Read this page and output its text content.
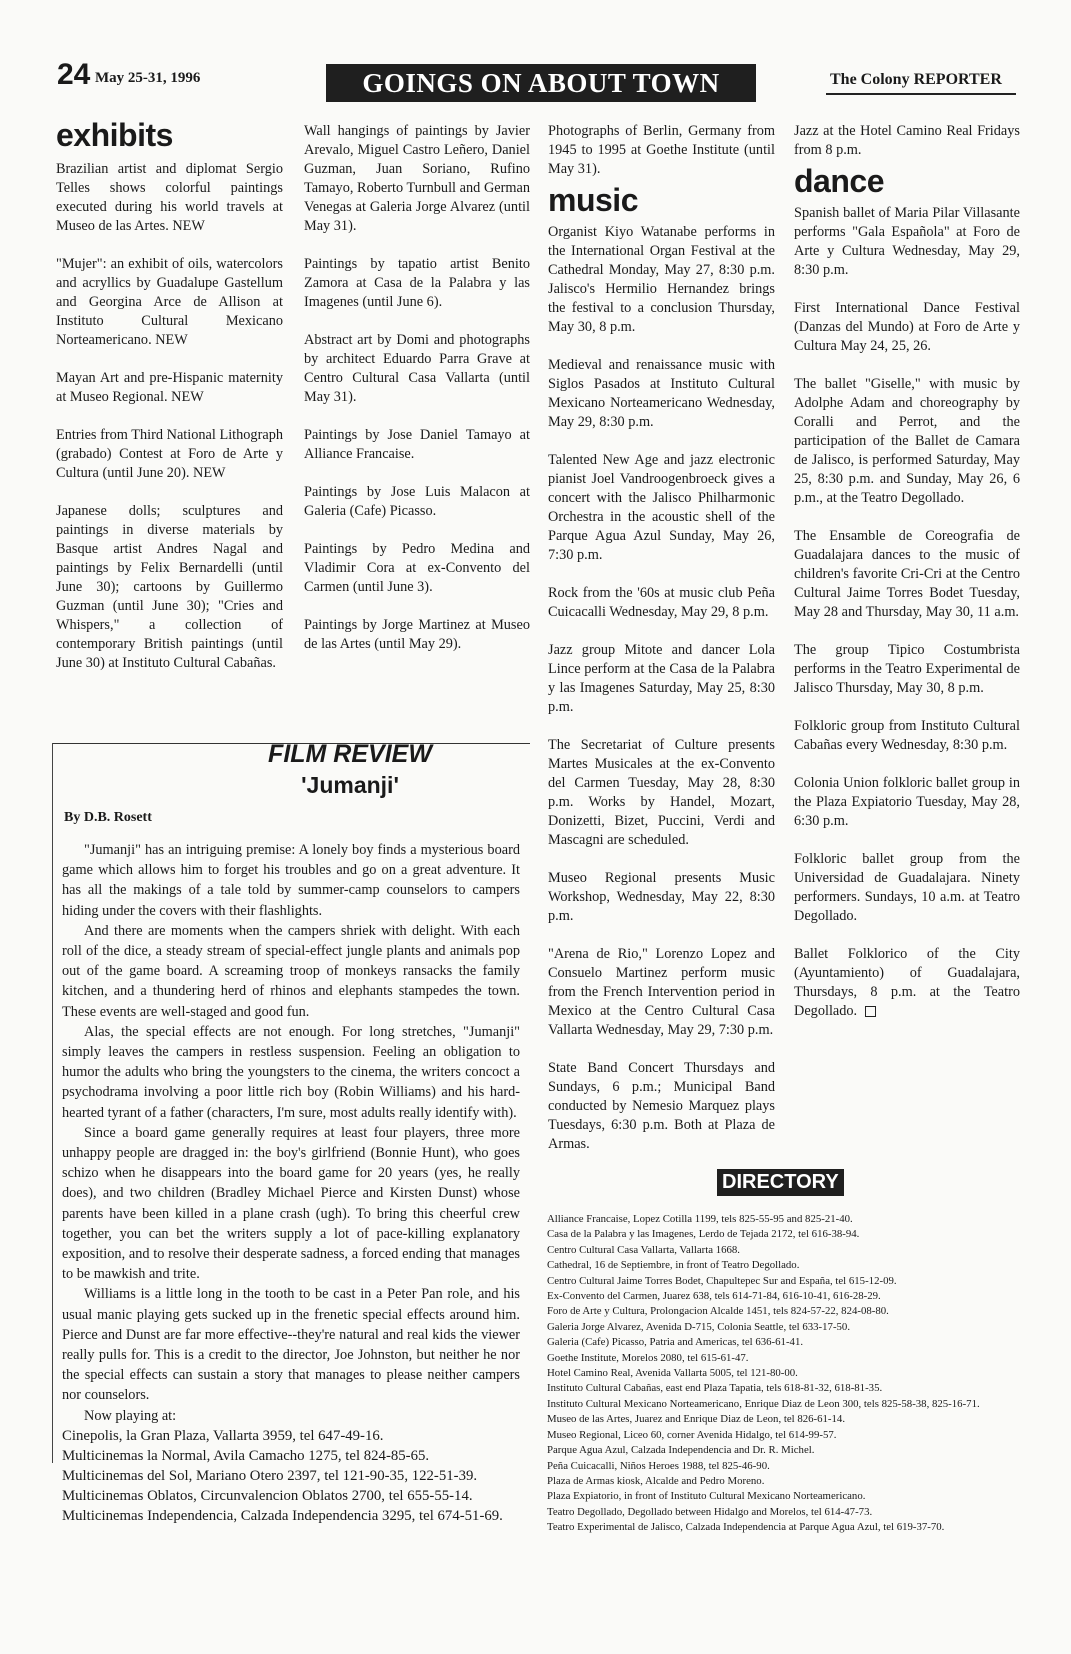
24 May 25-31, 1996	GOINGS ON ABOUT TOWN	The Colony REPORTER
exhibits

Brazilian artist and diplomat Sergio Telles shows colorful paintings executed during his world travels at Museo de las Artes. NEW

"Mujer": an exhibit of oils, watercolors and acryllics by Guadalupe Gastellum and Georgina Arce de Allison at Instituto Cultural Mexicano Norteamericano. NEW

Mayan Art and pre-Hispanic maternity at Museo Regional. NEW

Entries from Third National Lithograph (grabado) Contest at Foro de Arte y Cultura (until June 20). NEW

Japanese dolls; sculptures and paintings in diverse materials by Basque artist Andres Nagal and paintings by Felix Bernardelli (until June 30); cartoons by Guillermo Guzman (until June 30); "Cries and Whispers," a collection of contemporary British paintings (until June 30) at Instituto Cultural Cabañas.

Wall hangings of paintings by Javier Arevalo, Miguel Castro Leñero, Daniel Guzman, Juan Soriano, Rufino Tamayo, Roberto Turnbull and German Venegas at Galeria Jorge Alvarez (until May 31).

Paintings by tapatio artist Benito Zamora at Casa de la Palabra y las Imagenes (until June 6).

Abstract art by Domi and photographs by architect Eduardo Parra Grave at Centro Cultural Casa Vallarta (until May 31).

Paintings by Jose Daniel Tamayo at Alliance Francaise.

Paintings by Jose Luis Malacon at Galeria (Cafe) Picasso.

Paintings by Pedro Medina and Vladimir Cora at ex-Convento del Carmen (until June 3).

Paintings by Jorge Martinez at Museo de las Artes (until May 29).

Photographs of Berlin, Germany from 1945 to 1995 at Goethe Institute (until May 31).

music

Organist Kiyo Watanabe performs in the International Organ Festival at the Cathedral Monday, May 27, 8:30 p.m. Jalisco's Hermilio Hernandez brings the festival to a conclusion Thursday, May 30, 8 p.m.

Medieval and renaissance music with Siglos Pasados at Instituto Cultural Mexicano Norteamericano Wednesday, May 29, 8:30 p.m.

Talented New Age and jazz electronic pianist Joel Vandroogenbroeck gives a concert with the Jalisco Philharmonic Orchestra in the acoustic shell of the Parque Agua Azul Sunday, May 26, 7:30 p.m.

Rock from the '60s at music club Peña Cuicacalli Wednesday, May 29, 8 p.m.

Jazz group Mitote and dancer Lola Lince perform at the Casa de la Palabra y las Imagenes Saturday, May 25, 8:30 p.m.

The Secretariat of Culture presents Martes Musicales at the ex-Convento del Carmen Tuesday, May 28, 8:30 p.m. Works by Handel, Mozart, Donizetti, Bizet, Puccini, Verdi and Mascagni are scheduled.

Museo Regional presents Music Workshop, Wednesday, May 22, 8:30 p.m.

"Arena de Rio," Lorenzo Lopez and Consuelo Martinez perform music from the French Intervention period in Mexico at the Centro Cultural Casa Vallarta Wednesday, May 29, 7:30 p.m.

State Band Concert Thursdays and Sundays, 6 p.m.; Municipal Band conducted by Nemesio Marquez plays Tuesdays, 6:30 p.m. Both at Plaza de Armas.

Jazz at the Hotel Camino Real Fridays from 8 p.m.

dance

Spanish ballet of Maria Pilar Villasante performs "Gala Española" at Foro de Arte y Cultura Wednesday, May 29, 8:30 p.m.

First International Dance Festival (Danzas del Mundo) at Foro de Arte y Cultura May 24, 25, 26.

The ballet "Giselle," with music by Adolphe Adam and choreography by Coralli and Perrot, and the participation of the Ballet de Camara de Jalisco, is performed Saturday, May 25, 8:30 p.m. and Sunday, May 26, 6 p.m., at the Teatro Degollado.

The Ensamble de Coreografia de Guadalajara dances to the music of children's favorite Cri-Cri at the Centro Cultural Jaime Torres Bodet Tuesday, May 28 and Thursday, May 30, 11 a.m.

The group Tipico Costumbrista performs in the Teatro Experimental de Jalisco Thursday, May 30, 8 p.m.

Folkloric group from Instituto Cultural Cabañas every Wednesday, 8:30 p.m.

Colonia Union folkloric ballet group in the Plaza Expiatorio Tuesday, May 28, 6:30 p.m.

Folkloric ballet group from the Universidad de Guadalajara. Ninety performers. Sundays, 10 a.m. at Teatro Degollado.

Ballet Folklorico of the City (Ayuntamiento) of Guadalajara, Thursdays, 8 p.m. at the Teatro Degollado.

FILM REVIEW
'Jumanji'
By D.B. Rosett

"Jumanji" has an intriguing premise: A lonely boy finds a mysterious board game which allows him to forget his troubles and go on a great adventure. It has all the makings of a tale told by summer-camp counselors to campers hiding under the covers with their flashlights.

And there are moments when the campers shriek with delight. With each roll of the dice, a steady stream of special-effect jungle plants and animals pop out of the game board. A screaming troop of monkeys ransacks the family kitchen, and a thundering herd of rhinos and elephants stampedes the town. These events are well-staged and good fun.

Alas, the special effects are not enough. For long stretches, "Jumanji" simply leaves the campers in restless suspension. Feeling an obligation to humor the adults who bring the youngsters to the cinema, the writers concoct a psychodrama involving a poor little rich boy (Robin Williams) and his hard-hearted tyrant of a father (characters, I'm sure, most adults really identify with).

Since a board game generally requires at least four players, three more unhappy people are dragged in: the boy's girlfriend (Bonnie Hunt), who goes schizo when he disappears into the board game for 20 years (yes, he really does), and two children (Bradley Michael Pierce and Kirsten Dunst) whose parents have been killed in a plane crash (ugh). To bring this cheerful crew together, you can bet the writers supply a lot of pace-killing explanatory exposition, and to resolve their desperate sadness, a forced ending that manages to be mawkish and trite.

Williams is a little long in the tooth to be cast in a Peter Pan role, and his usual manic playing gets sucked up in the frenetic special effects around him. Pierce and Dunst are far more effective--they're natural and real kids the viewer really pulls for. This is a credit to the director, Joe Johnston, but neither he nor the special effects can sustain a story that manages to please neither campers nor counselors.

Now playing at:

Cinepolis, la Gran Plaza, Vallarta 3959, tel 647-49-16.
Multicinemas la Normal, Avila Camacho 1275, tel 824-85-65.
Multicinemas del Sol, Mariano Otero 2397, tel 121-90-35, 122-51-39.
Multicinemas Oblatos, Circunvalencion Oblatos 2700, tel 655-55-14.
Multicinemas Independencia, Calzada Independencia 3295, tel 674-51-69.
DIRECTORY
Alliance Francaise, Lopez Cotilla 1199, tels 825-55-95 and 825-21-40.
Casa de la Palabra y las Imagenes, Lerdo de Tejada 2172, tel 616-38-94.
Centro Cultural Casa Vallarta, Vallarta 1668.
Cathedral, 16 de Septiembre, in front of Teatro Degollado.
Centro Cultural Jaime Torres Bodet, Chapultepec Sur and España, tel 615-12-09.
Ex-Convento del Carmen, Juarez 638, tels 614-71-84, 616-10-41, 616-28-29.
Foro de Arte y Cultura, Prolongacion Alcalde 1451, tels 824-57-22, 824-08-80.
Galeria Jorge Alvarez, Avenida D-715, Colonia Seattle, tel 633-17-50.
Galeria (Cafe) Picasso, Patria and Americas, tel 636-61-41.
Goethe Institute, Morelos 2080, tel 615-61-47.
Hotel Camino Real, Avenida Vallarta 5005, tel 121-80-00.
Instituto Cultural Cabañas, east end Plaza Tapatia, tels 618-81-32, 618-81-35.
Instituto Cultural Mexicano Norteamericano, Enrique Diaz de Leon 300, tels 825-58-38, 825-16-71.
Museo de las Artes, Juarez and Enrique Diaz de Leon, tel 826-61-14.
Museo Regional, Liceo 60, corner Avenida Hidalgo, tel 614-99-57.
Parque Agua Azul, Calzada Independencia and Dr. R. Michel.
Peña Cuicacalli, Niños Heroes 1988, tel 825-46-90.
Plaza de Armas kiosk, Alcalde and Pedro Moreno.
Plaza Expiatorio, in front of Instituto Cultural Mexicano Norteamericano.
Teatro Degollado, Degollado between Hidalgo and Morelos, tel 614-47-73.
Teatro Experimental de Jalisco, Calzada Independencia at Parque Agua Azul, tel 619-37-70.
